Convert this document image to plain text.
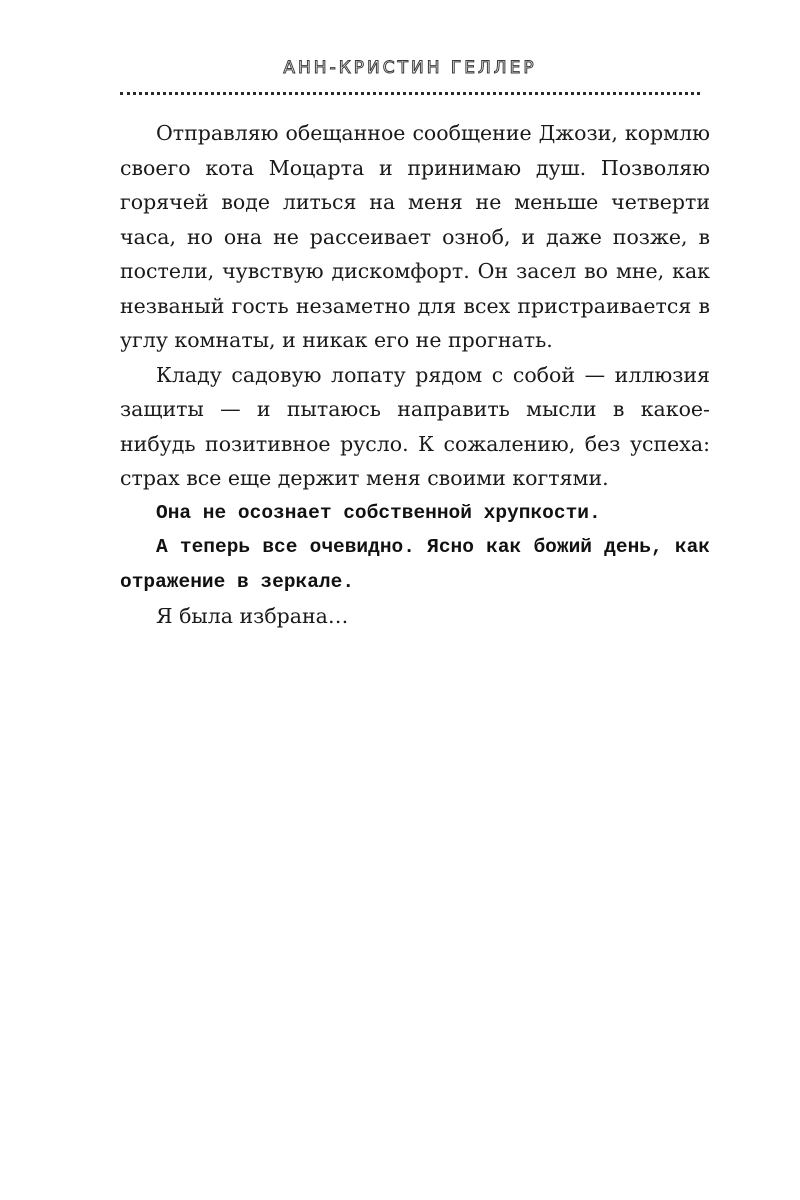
АНН-КРИСТИН ГЕЛЛЕР

Отправляю обещанное сообщение Джози, кормлю своего кота Моцарта и принимаю душ. Позволяю горячей воде литься на меня не меньше четверти часа, но она не рассеивает озноб, и даже позже, в постели, чувствую дискомфорт. Он засел во мне, как незваный гость незаметно для всех пристраивается в углу комнаты, и никак его не прогнать.

Кладу садовую лопату рядом с собой — иллюзия защиты — и пытаюсь направить мысли в какое-нибудь позитивное русло. К сожалению, без успеха: страх все еще держит меня своими когтями.

Она не осознает собственной хрупкости.

А теперь все очевидно. Ясно как божий день, как отражение в зеркале.

Я была избрана…
